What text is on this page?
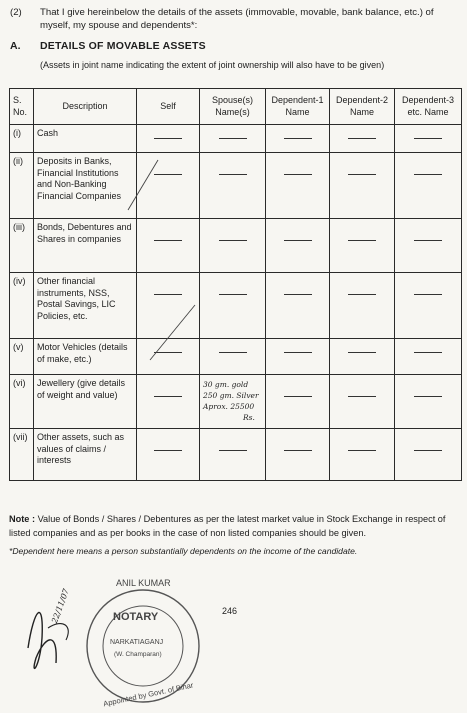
(2) That I give hereinbelow the details of the assets (immovable, movable, bank balance, etc.) of myself, my spouse and dependents*:
A. DETAILS OF MOVABLE ASSETS
(Assets in joint name indicating the extent of joint ownership will also have to be given)
S. No.	Description	Self	Spouse(s) Name(s)	Dependent-1 Name	Dependent-2 Name	Dependent-3 etc. Name
(i)	Cash	

(ii)	Deposits in Banks, Financial Institutions and Non-Banking Financial Companies	

(iii)	Bonds, Debentures and Shares in companies	

(iv)	Other financial instruments, NSS, Postal Savings, LIC Policies, etc.	

(v)	Motor Vehicles (details of make, etc.)	

(vi)	Jewellery (give details of weight and value)		30 gm. gold
250 gm. Silver
Aprox. 25500
Rs.			

(vii)	Other assets, such as values of claims / interests	

Note : Value of Bonds / Shares / Debentures as per the latest market value in Stock Exchange in respect of listed companies and as per books in the case of non listed companies should be given.
*Dependent here means a person substantially dependents on the income of the candidate.
246
ANIL KUMAR
NOTARY
NARKATIAGANJ
(W. Champaran)
Appointed by Govt. of Bihar
22/11/07
